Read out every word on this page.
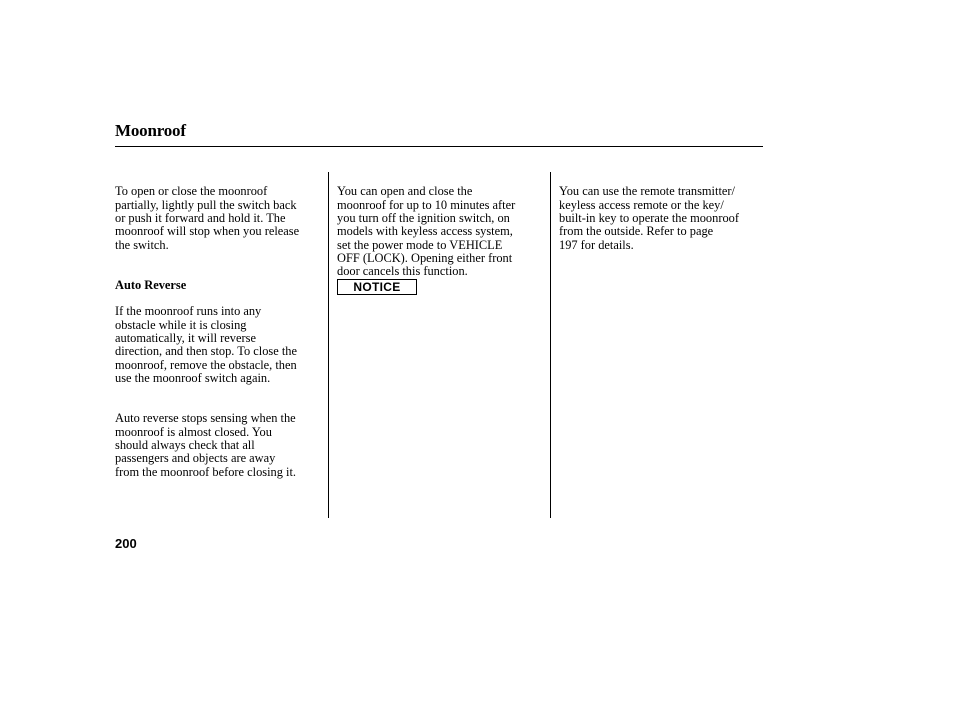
Moonroof

To open or close the moonroof
partially, lightly pull the switch back
or push it forward and hold it. The
moonroof will stop when you release
the switch.

Auto Reverse

If the moonroof runs into any
obstacle while it is closing
automatically, it will reverse
direction, and then stop. To close the
moonroof, remove the obstacle, then
use the moonroof switch again.

Auto reverse stops sensing when the
moonroof is almost closed. You
should always check that all
passengers and objects are away
from the moonroof before closing it.

You can open and close the
moonroof for up to 10 minutes after
you turn off the ignition switch, on
models with keyless access system,
set the power mode to VEHICLE
OFF (LOCK). Opening either front
door cancels this function.

NOTICE

You can use the remote transmitter/
keyless access remote or the key/
built-in key to operate the moonroof
from the outside. Refer to page
197 for details.

200
